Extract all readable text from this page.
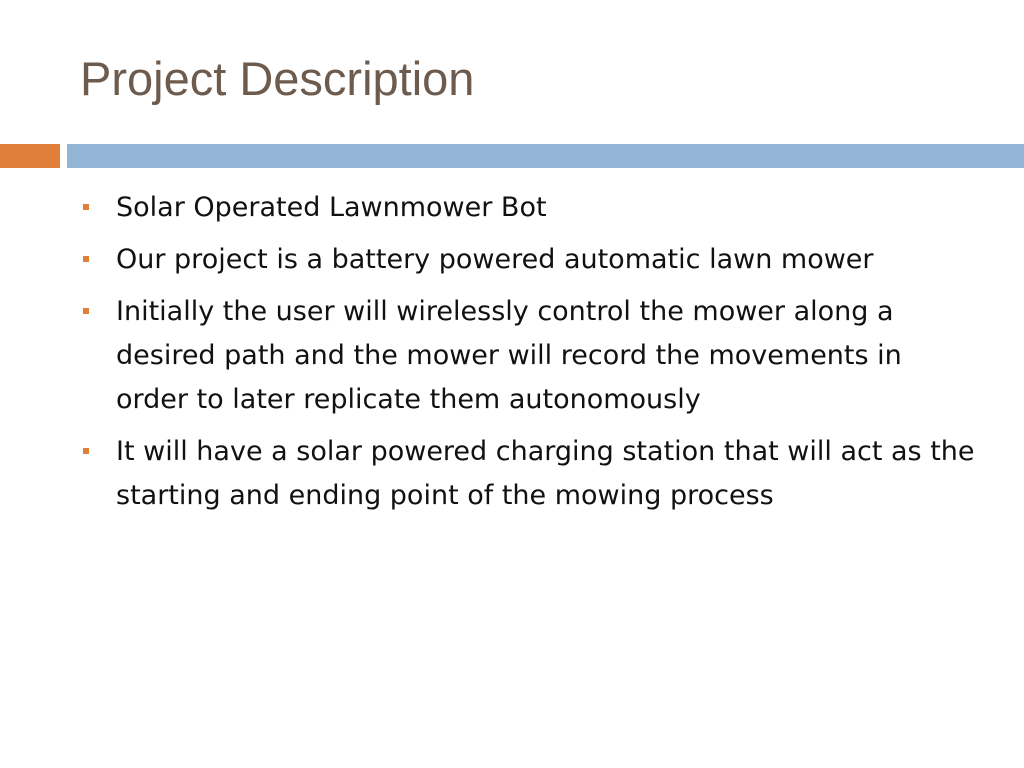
Project Description
Solar Operated Lawnmower Bot
Our project is a battery powered automatic lawn mower
Initially the user will wirelessly control the mower along a desired path and the mower will record the movements in order to later replicate them autonomously
It will have a solar powered charging station that will act as the starting and ending point of the mowing process
